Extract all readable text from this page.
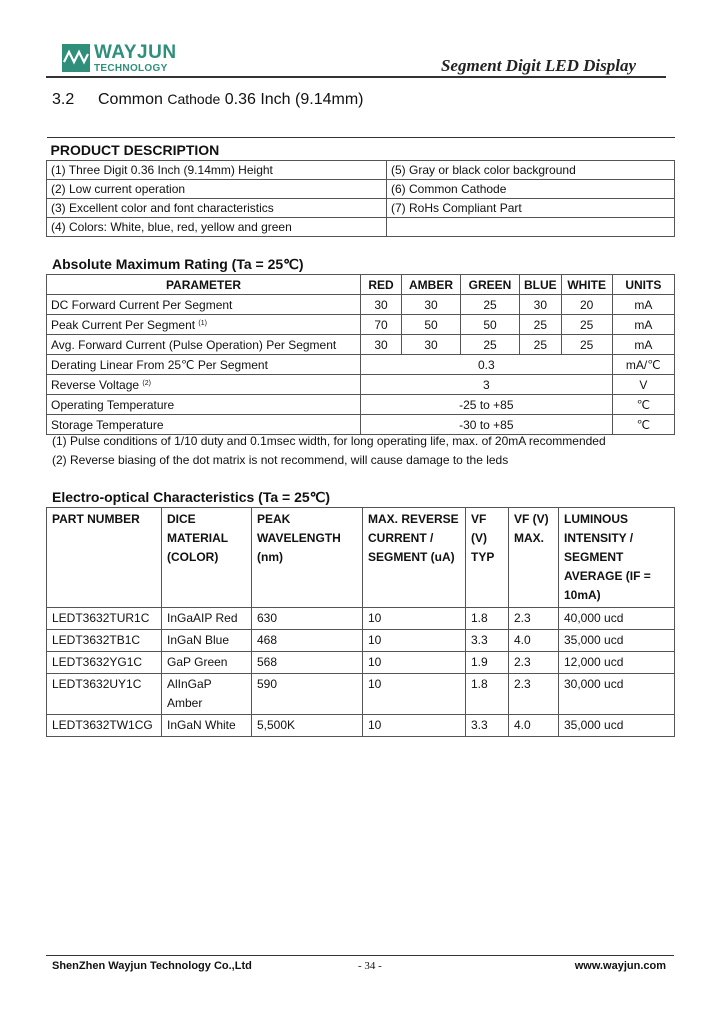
WAYJUN
TECHNOLOGY	Segment Digit LED Display
3.2 Common Cathode 0.36 Inch (9.14mm)
PRODUCT DESCRIPTION	
(1) Three Digit 0.36 Inch (9.14mm) Height	(5) Gray or black color background
(2) Low current operation	(6) Common Cathode
(3) Excellent color and font characteristics	(7) RoHs Compliant Part
(4) Colors: White, blue, red, yellow and green	
Absolute Maximum Rating (Ta = 25℃)
PARAMETER	RED	AMBER	GREEN	BLUE	WHITE	UNITS
DC Forward Current Per Segment	30	30	25	30	20	mA
Peak Current Per Segment $^{(1)}$	70	50	50	25	25	mA
Avg. Forward Current (Pulse Operation) Per Segment	30	30	25	25	25	mA
Derating Linear From 25℃ Per Segment	0.3					mA/℃
Reverse Voltage $^{(2)}$	3					V
Operating Temperature	-25 to +85					℃
Storage Temperature	-30 to +85					℃
(1) Pulse conditions of 1/10 duty and 0.1msec width, for long operating life, max. of 20mA recommended
(2) Reverse biasing of the dot matrix is not recommend, will cause damage to the leds
Electro-optical Characteristics (Ta = 25℃)
PART NUMBER	DICE MATERIAL (COLOR)	PEAK WAVELENGTH (nm)	MAX. REVERSE CURRENT / SEGMENT (uA)	VF (V) TYP	VF (V) MAX.	LUMINOUS INTENSITY / SEGMENT AVERAGE (IF = 10mA)
LEDT3632TUR1C	InGaAIP Red	630	10	1.8	2.3	40,000 ucd
LEDT3632TB1C	InGaN Blue	468	10	3.3	4.0	35,000 ucd
LEDT3632YG1C	GaP Green	568	10	1.9	2.3	12,000 ucd
LEDT3632UY1C	AlInGaP Amber	590	10	1.8	2.3	30,000 ucd
LEDT3632TW1CG	InGaN White	5,500K	10	3.3	4.0	35,000 ucd
ShenZhen Wayjun Technology Co.,Ltd	- 34 -	www.wayjun.com
